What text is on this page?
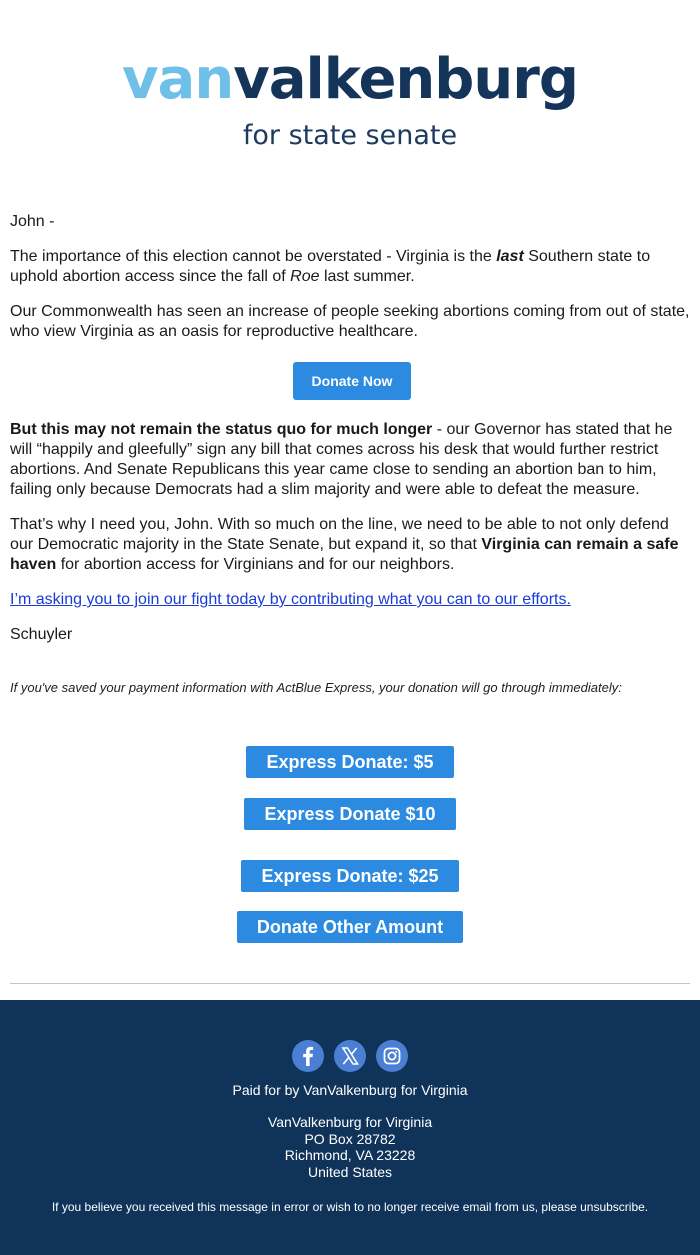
vanvalkenburg
for state senate

John -

The importance of this election cannot be overstated - Virginia is the last Southern state to uphold abortion access since the fall of Roe last summer.

Our Commonwealth has seen an increase of people seeking abortions coming from out of state, who view Virginia as an oasis for reproductive healthcare.

Donate Now

But this may not remain the status quo for much longer - our Governor has stated that he will “happily and gleefully” sign any bill that comes across his desk that would further restrict abortions. And Senate Republicans this year came close to sending an abortion ban to him, failing only because Democrats had a slim majority and were able to defeat the measure.

That’s why I need you, John. With so much on the line, we need to be able to not only defend our Democratic majority in the State Senate, but expand it, so that Virginia can remain a safe haven for abortion access for Virginians and for our neighbors.

I’m asking you to join our fight today by contributing what you can to our efforts.

Schuyler

If you've saved your payment information with ActBlue Express, your donation will go through immediately:
Express Donate: $5
Express Donate $10
Express Donate: $25
Donate Other Amount
Paid for by VanValkenburg for Virginia
VanValkenburg for Virginia
PO Box 28782
Richmond, VA 23228
United States
If you believe you received this message in error or wish to no longer receive email from us, please unsubscribe.
